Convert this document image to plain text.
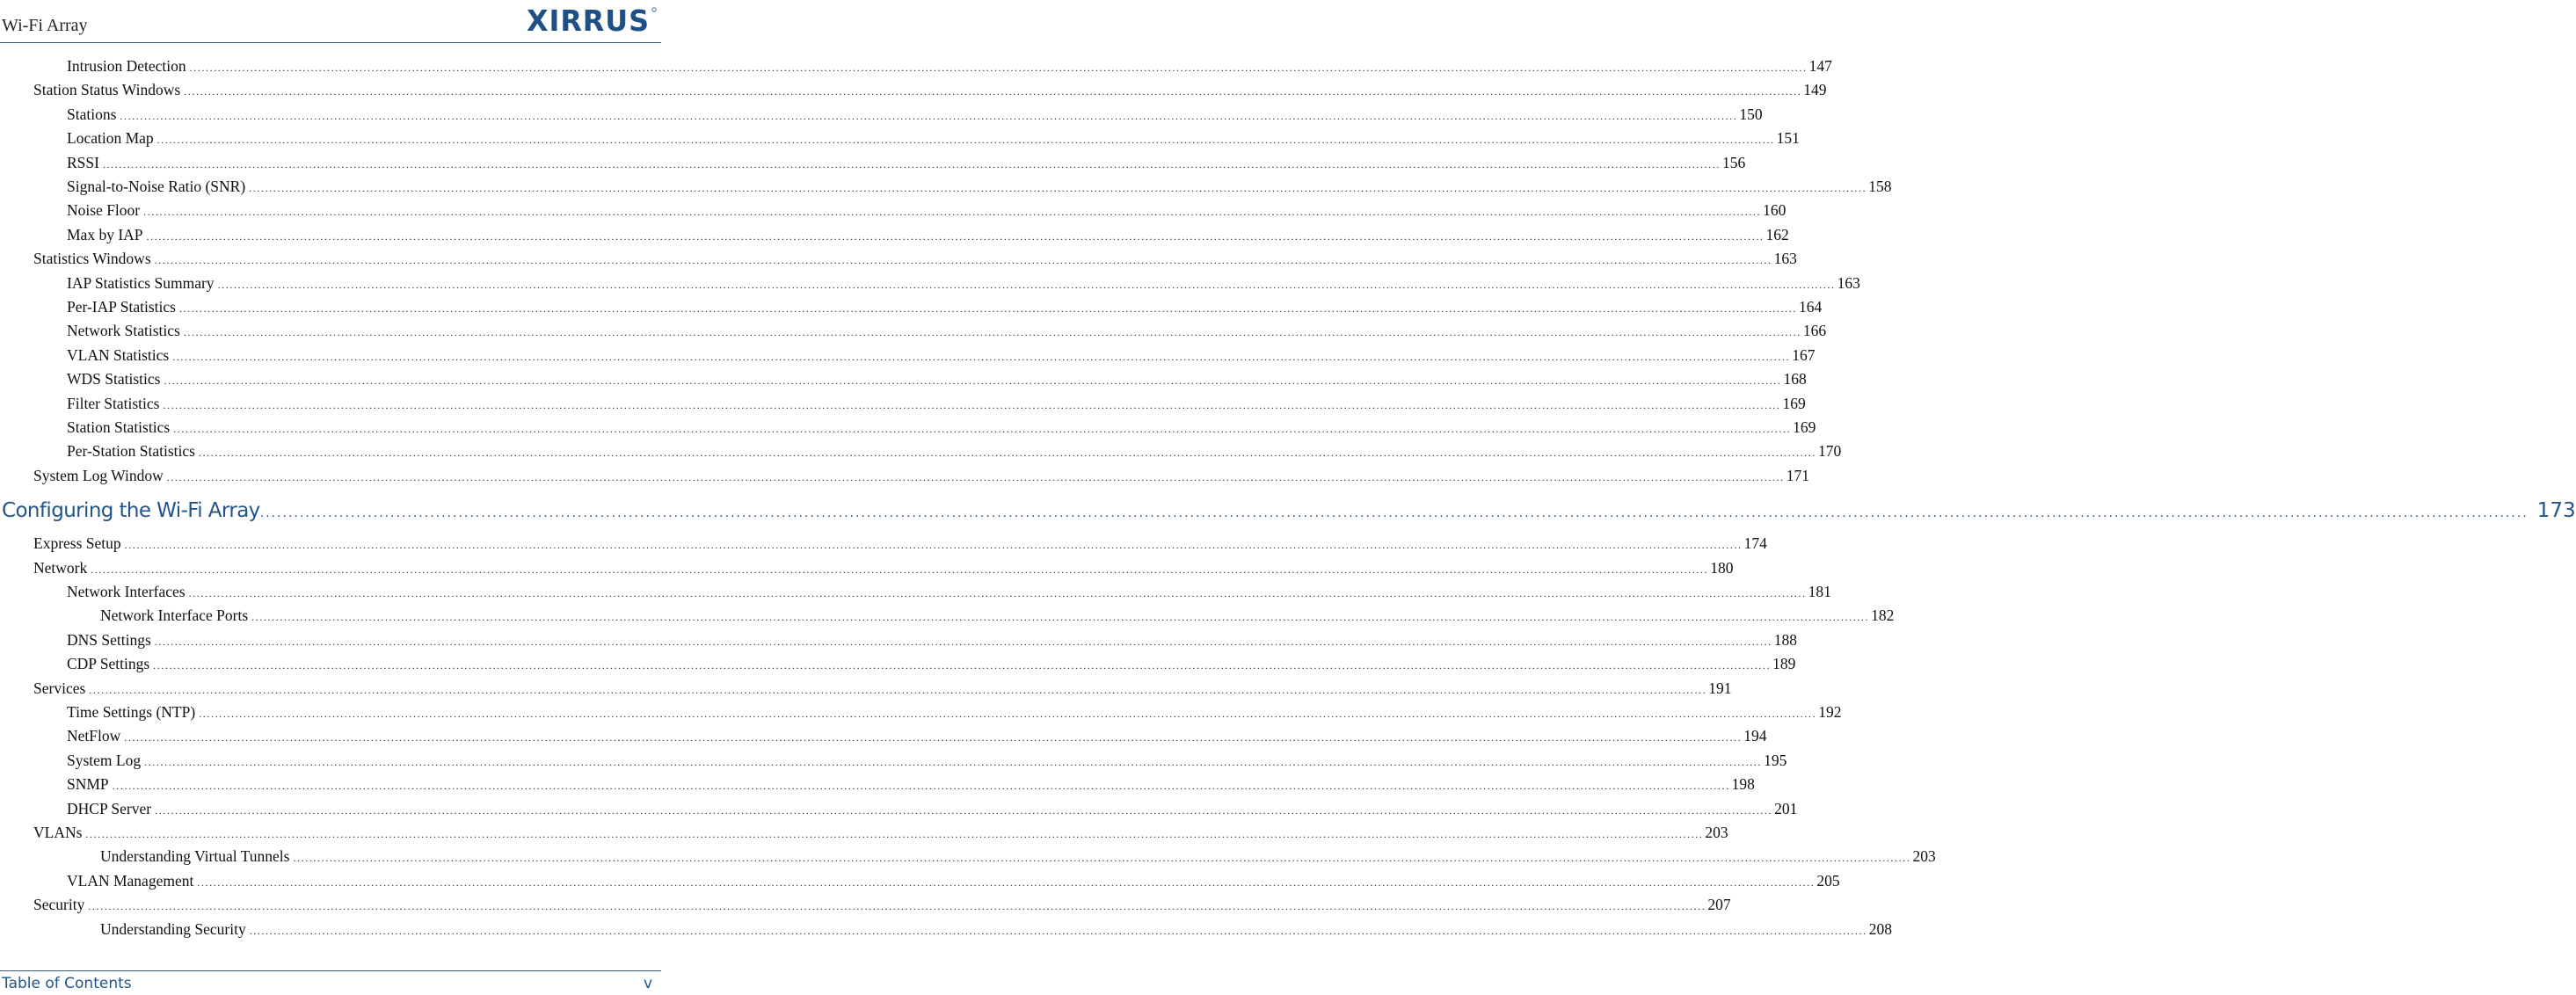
Wi-Fi Array	XIRRUS
Intrusion Detection ................................................................................................................................................................................................................................................................................................................................................................................................................ 147
Station Status Windows ................................................................................................................................................................................................................................................................................................................................................................................................................ 149
Stations ................................................................................................................................................................................................................................................................................................................................................................................................................ 150
Location Map ................................................................................................................................................................................................................................................................................................................................................................................................................ 151
RSSI ................................................................................................................................................................................................................................................................................................................................................................................................................ 156
Signal-to-Noise Ratio (SNR) ................................................................................................................................................................................................................................................................................................................................................................................................................ 158
Noise Floor ................................................................................................................................................................................................................................................................................................................................................................................................................ 160
Max by IAP ................................................................................................................................................................................................................................................................................................................................................................................................................ 162
Statistics Windows ................................................................................................................................................................................................................................................................................................................................................................................................................ 163
IAP Statistics Summary ................................................................................................................................................................................................................................................................................................................................................................................................................ 163
Per-IAP Statistics ................................................................................................................................................................................................................................................................................................................................................................................................................ 164
Network Statistics ................................................................................................................................................................................................................................................................................................................................................................................................................ 166
VLAN Statistics ................................................................................................................................................................................................................................................................................................................................................................................................................ 167
WDS Statistics ................................................................................................................................................................................................................................................................................................................................................................................................................ 168
Filter Statistics ................................................................................................................................................................................................................................................................................................................................................................................................................ 169
Station Statistics ................................................................................................................................................................................................................................................................................................................................................................................................................ 169
Per-Station Statistics ................................................................................................................................................................................................................................................................................................................................................................................................................ 170
System Log Window ................................................................................................................................................................................................................................................................................................................................................................................................................ 171
Configuring the Wi-Fi Array ................................................................................................................................................................................................................................................................................................................................................................................................................ 173
Express Setup ................................................................................................................................................................................................................................................................................................................................................................................................................ 174
Network ................................................................................................................................................................................................................................................................................................................................................................................................................ 180
Network Interfaces ................................................................................................................................................................................................................................................................................................................................................................................................................ 181
Network Interface Ports ................................................................................................................................................................................................................................................................................................................................................................................................................ 182
DNS Settings ................................................................................................................................................................................................................................................................................................................................................................................................................ 188
CDP Settings ................................................................................................................................................................................................................................................................................................................................................................................................................ 189
Services ................................................................................................................................................................................................................................................................................................................................................................................................................ 191
Time Settings (NTP) ................................................................................................................................................................................................................................................................................................................................................................................................................ 192
NetFlow ................................................................................................................................................................................................................................................................................................................................................................................................................ 194
System Log ................................................................................................................................................................................................................................................................................................................................................................................................................ 195
SNMP ................................................................................................................................................................................................................................................................................................................................................................................................................ 198
DHCP Server ................................................................................................................................................................................................................................................................................................................................................................................................................ 201
VLANs ................................................................................................................................................................................................................................................................................................................................................................................................................ 203
Understanding Virtual Tunnels ................................................................................................................................................................................................................................................................................................................................................................................................................ 203
VLAN Management ................................................................................................................................................................................................................................................................................................................................................................................................................ 205
Security ................................................................................................................................................................................................................................................................................................................................................................................................................ 207
Understanding Security ................................................................................................................................................................................................................................................................................................................................................................................................................ 208
Table of Contents	v
